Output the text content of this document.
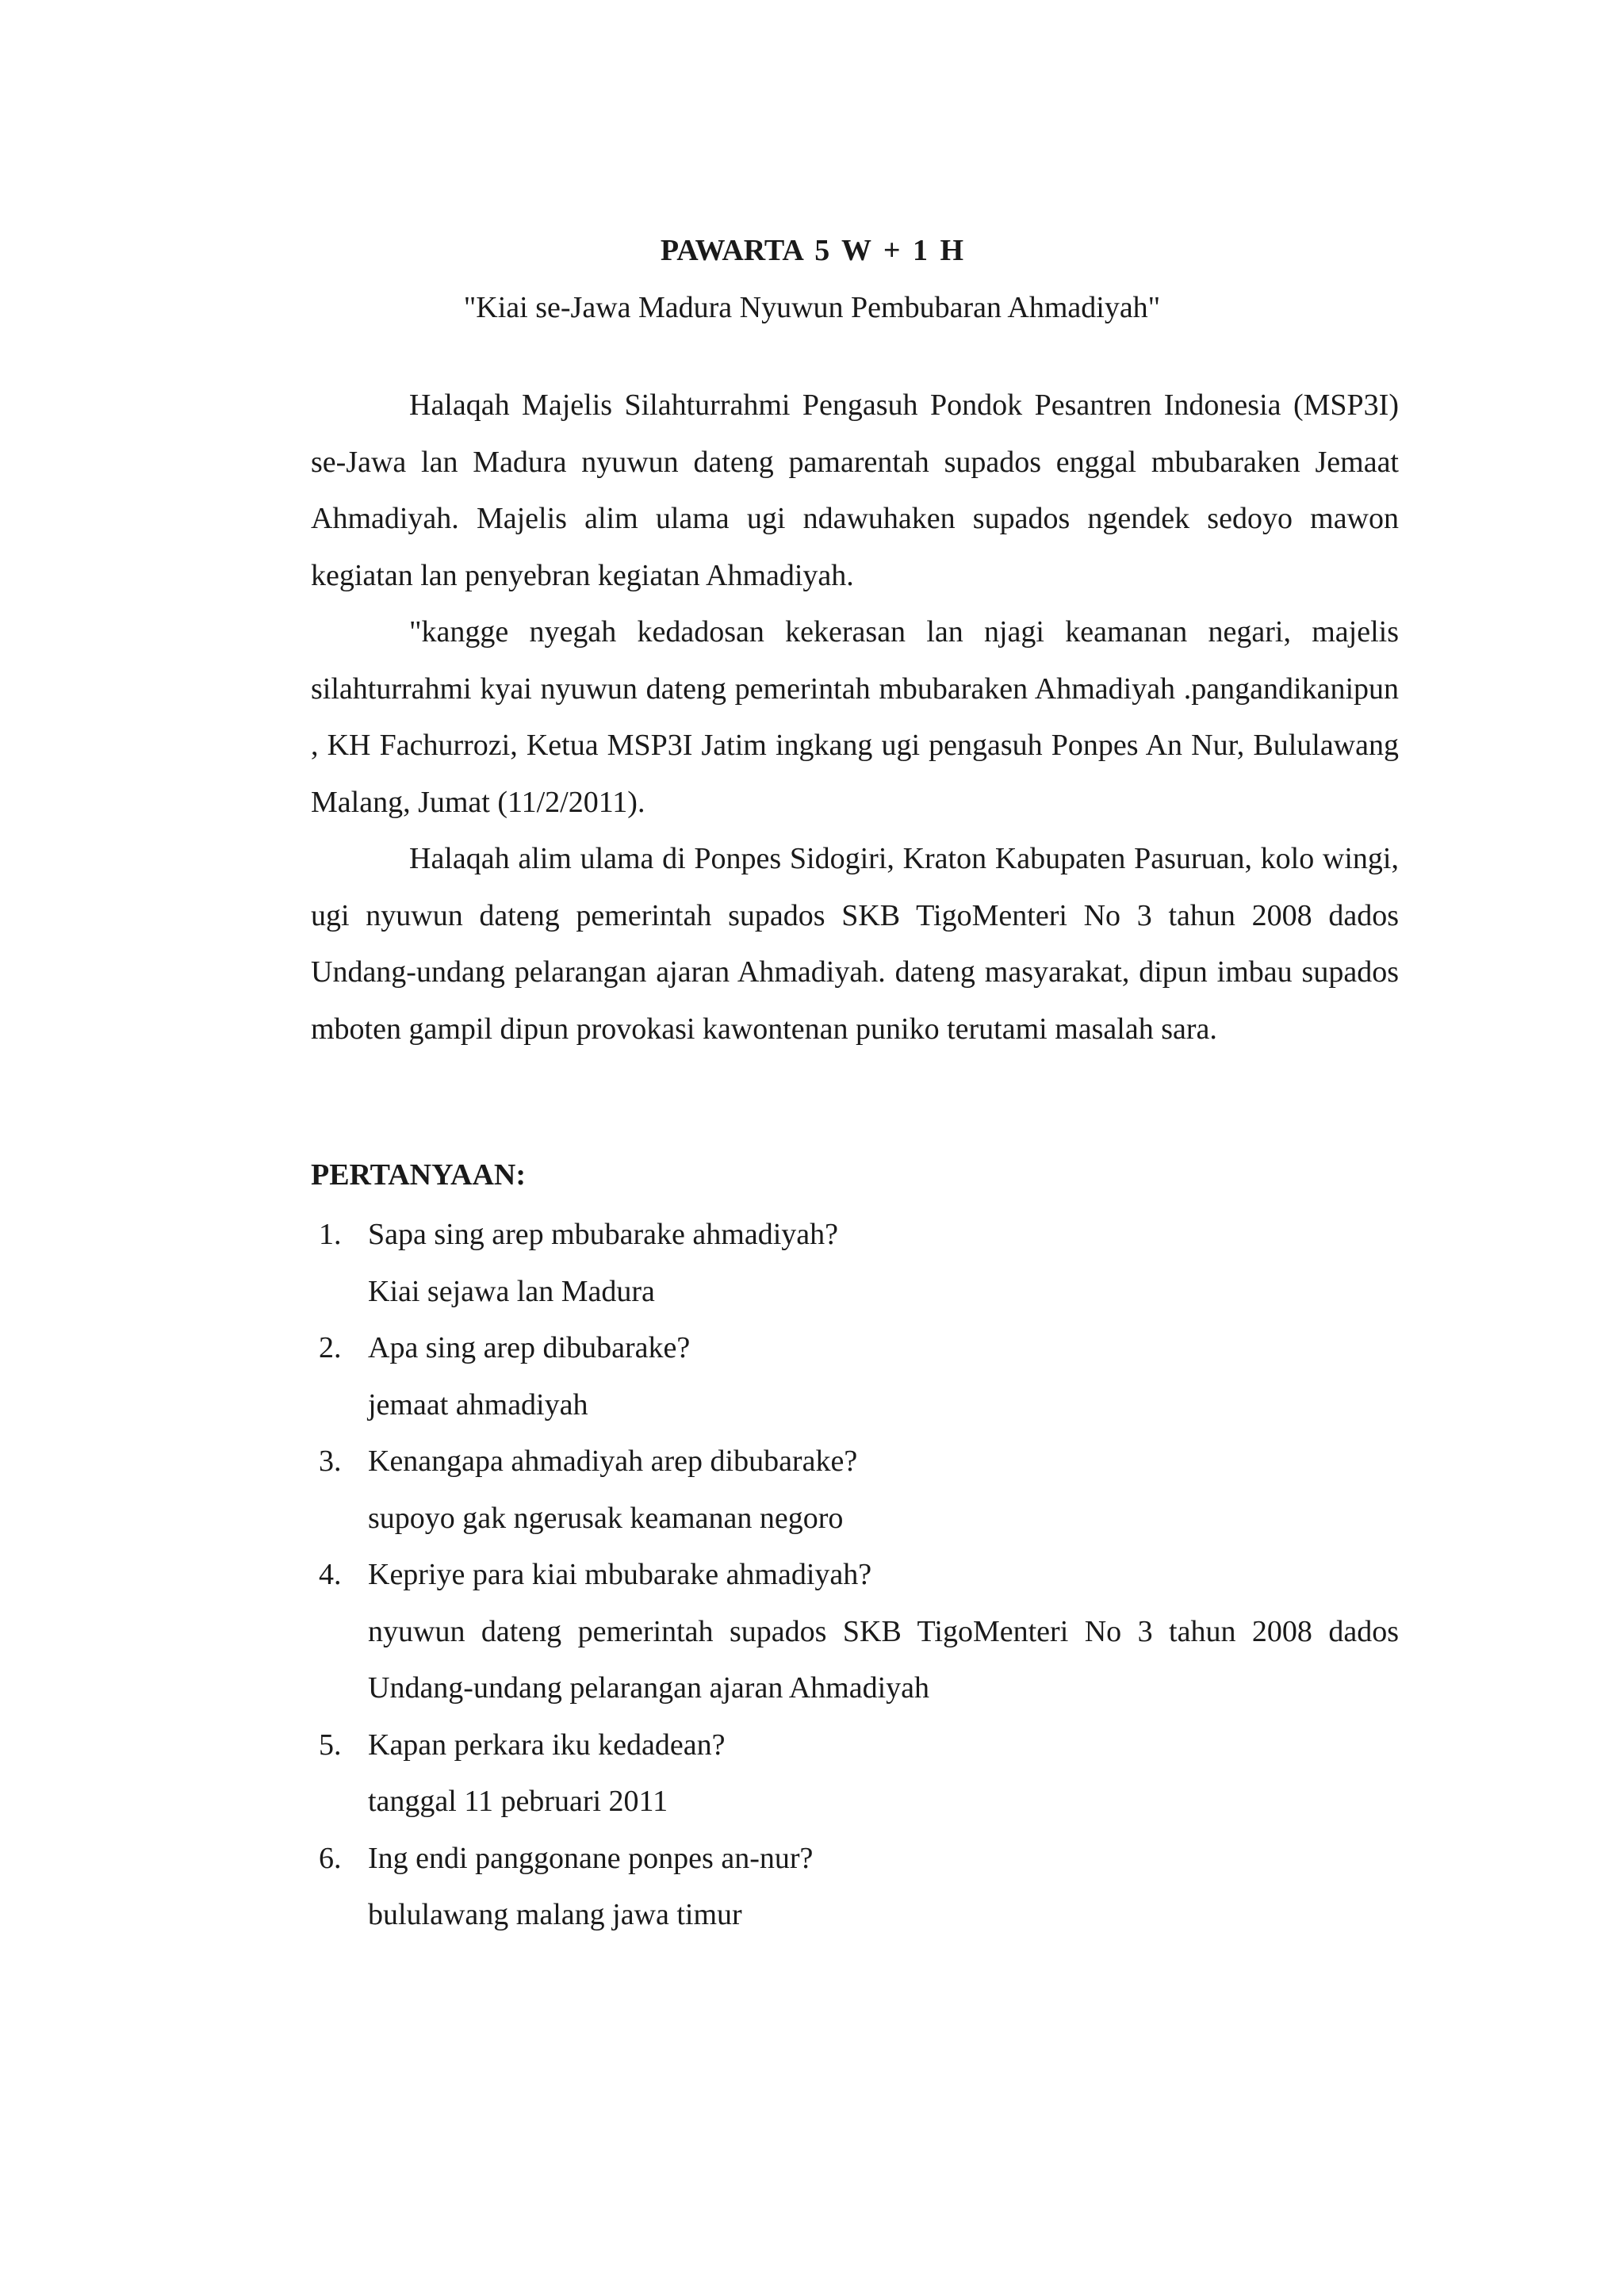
PAWARTA 5 W + 1 H
"Kiai se-Jawa Madura Nyuwun Pembubaran Ahmadiyah"

Halaqah Majelis Silahturrahmi Pengasuh Pondok Pesantren Indonesia (MSP3I) se-Jawa lan Madura nyuwun dateng pamarentah supados enggal mbubaraken Jemaat Ahmadiyah. Majelis alim ulama ugi ndawuhaken supados ngendek sedoyo mawon kegiatan lan penyebran kegiatan Ahmadiyah.

"kangge nyegah kedadosan kekerasan lan njagi keamanan negari, majelis silahturrahmi kyai nyuwun dateng pemerintah mbubaraken Ahmadiyah .pangandikanipun , KH Fachurrozi, Ketua MSP3I Jatim ingkang ugi pengasuh Ponpes An Nur, Bululawang Malang, Jumat (11/2/2011).

Halaqah alim ulama di Ponpes Sidogiri, Kraton Kabupaten Pasuruan, kolo wingi, ugi nyuwun dateng pemerintah supados SKB TigoMenteri No 3 tahun 2008 dados Undang-undang pelarangan ajaran Ahmadiyah. dateng masyarakat, dipun imbau supados mboten gampil dipun provokasi kawontenan puniko terutami masalah sara.

PERTANYAAN:
1. Sapa sing arep mbubarake ahmadiyah?
Kiai sejawa lan Madura
2. Apa sing arep dibubarake?
jemaat ahmadiyah
3. Kenangapa ahmadiyah arep dibubarake?
supoyo gak ngerusak keamanan negoro
4. Kepriye para kiai mbubarake ahmadiyah?
nyuwun dateng pemerintah supados SKB TigoMenteri No 3 tahun 2008 dados Undang-undang pelarangan ajaran Ahmadiyah
5. Kapan perkara iku kedadean?
tanggal 11 pebruari 2011
6. Ing endi panggonane ponpes an-nur?
bululawang malang jawa timur
